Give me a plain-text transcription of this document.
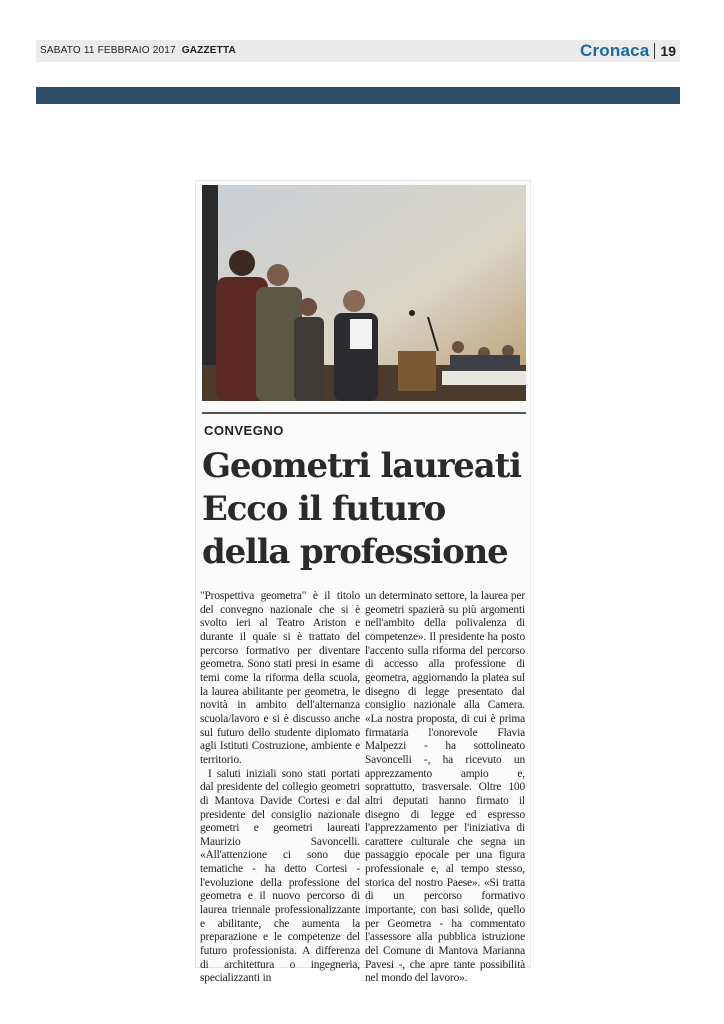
SABATO 11 FEBBRAIO 2017 GAZZETTA	Cronaca 19
CONVEGNO
Geometri laureati
Ecco il futuro
della professione

"Prospettiva geometra" è il titolo del convegno nazionale che si è svolto ieri al Teatro Ariston e durante il quale si è trattato del percorso formativo per diventare geometra. Sono stati presi in esame temi come la riforma della scuola, la laurea abilitante per geometra, le novità in ambito dell'alternanza scuola/lavoro e si è discusso anche sul futuro dello studente diplomato agli Istituti Costruzione, ambiente e territorio.

I saluti iniziali sono stati portati dal presidente del collegio geometri di Mantova Davide Cortesi e dal presidente del consiglio nazionale geometri e geometri laureati Maurizio Savoncelli. «All'attenzione ci sono due tematiche - ha detto Cortesi - l'evoluzione della professione del geometra e il nuovo percorso di laurea triennale professionalizzante e abilitante, che aumenta la preparazione e le competenze del futuro professionista. A differenza di architettura o ingegneria, specializzanti in

un determinato settore, la laurea per geometri spazierà su più argomenti nell'ambito della polivalenza di competenze». Il presidente ha posto l'accento sulla riforma del percorso di accesso alla professione di geometra, aggiornando la platea sul disegno di legge presentato dal consiglio nazionale alla Camera. «La nostra proposta, di cui è prima firmataria l'onorevole Flavia Malpezzi - ha sottolineato Savoncelli -, ha ricevuto un apprezzamento ampio e, soprattutto, trasversale. Oltre 100 altri deputati hanno firmato il disegno di legge ed espresso l'apprezzamento per l'iniziativa di carattere culturale che segna un passaggio epocale per una figura professionale e, al tempo stesso, storica del nostro Paese». «Si tratta di un percorso formativo importante, con basi solide, quello per Geometra - ha commentato l'assessore alla pubblica istruzione del Comune di Mantova Marianna Pavesi -, che apre tante possibilità nel mondo del lavoro».
